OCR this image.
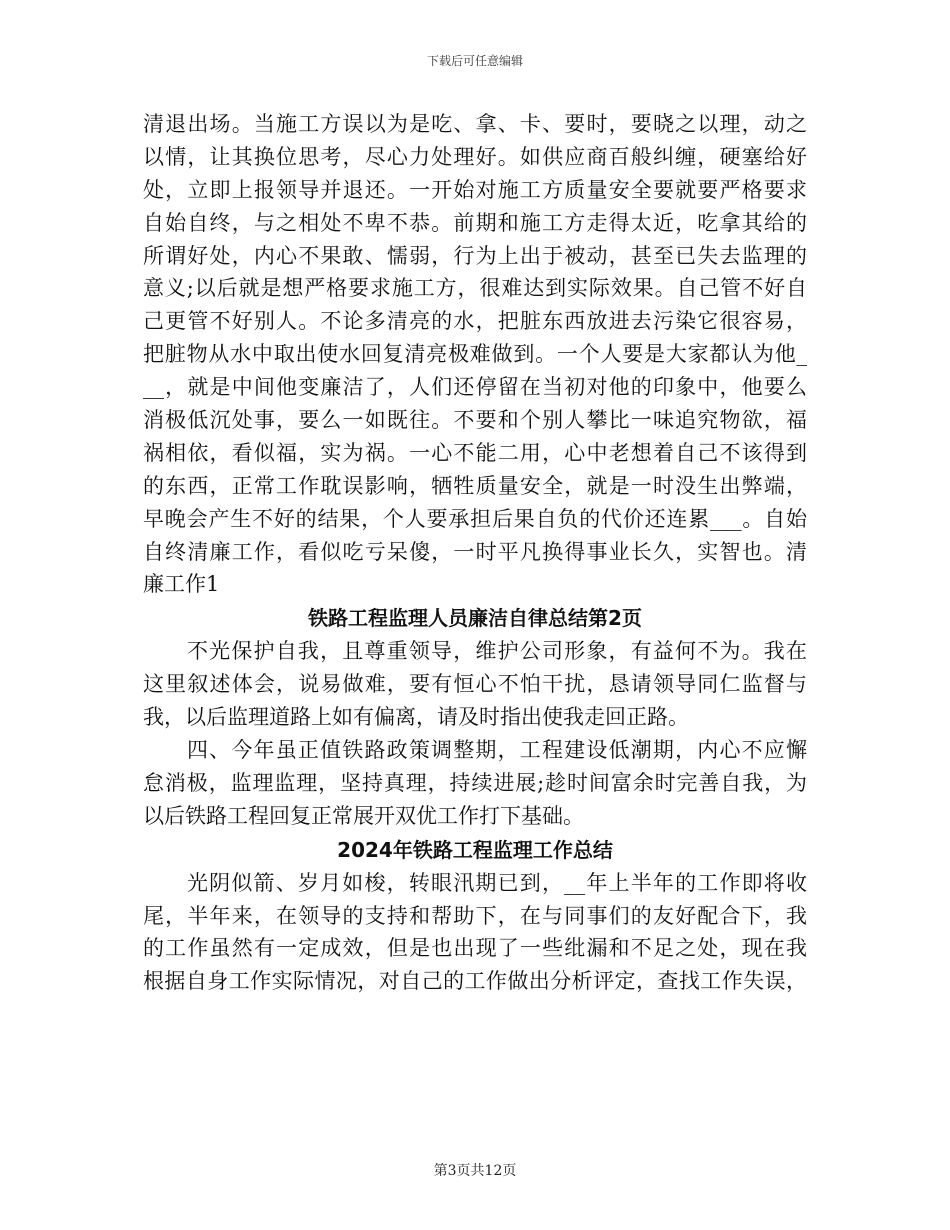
下载后可任意编辑
清退出场。当施工方误以为是吃、拿、卡、要时，要晓之以理，动之
以情，让其换位思考，尽心力处理好。如供应商百般纠缠，硬塞给好
处，立即上报领导并退还。一开始对施工方质量安全要就要严格要求
自始自终，与之相处不卑不恭。前期和施工方走得太近，吃拿其给的
所谓好处，内心不果敢、懦弱，行为上出于被动，甚至已失去监理的
意义;以后就是想严格要求施工方，很难达到实际效果。自己管不好自
己更管不好别人。不论多清亮的水，把脏东西放进去污染它很容易，
把脏物从水中取出使水回复清亮极难做到。一个人要是大家都认为他_
__，就是中间他变廉洁了，人们还停留在当初对他的印象中，他要么
消极低沉处事，要么一如既往。不要和个别人攀比一味追究物欲，福
祸相依，看似福，实为祸。一心不能二用，心中老想着自己不该得到
的东西，正常工作耽误影响，牺牲质量安全，就是一时没生出弊端，
早晚会产生不好的结果，个人要承担后果自负的代价还连累___。自始
自终清廉工作，看似吃亏呆傻，一时平凡换得事业长久，实智也。清
廉工作1
铁路工程监理人员廉洁自律总结第2页
不光保护自我，且尊重领导，维护公司形象，有益何不为。我在
这里叙述体会，说易做难，要有恒心不怕干扰，恳请领导同仁监督与
我，以后监理道路上如有偏离，请及时指出使我走回正路。
四、今年虽正值铁路政策调整期，工程建设低潮期，内心不应懈
怠消极，监理监理，坚持真理，持续进展;趁时间富余时完善自我，为
以后铁路工程回复正常展开双优工作打下基础。
2024年铁路工程监理工作总结
光阴似箭、岁月如梭，转眼汛期已到，__年上半年的工作即将收
尾，半年来，在领导的支持和帮助下，在与同事们的友好配合下，我
的工作虽然有一定成效，但是也出现了一些纰漏和不足之处，现在我
根据自身工作实际情况，对自己的工作做出分析评定，查找工作失误，
第3页共12页
